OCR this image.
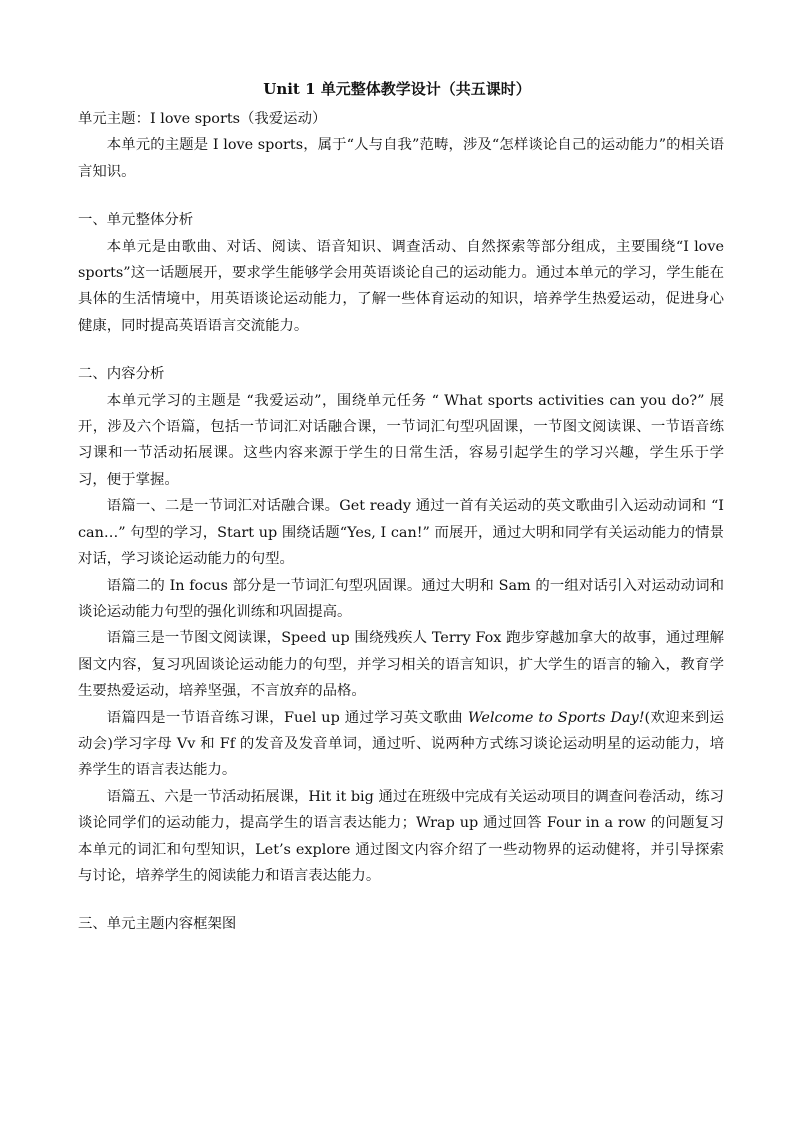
Unit 1 单元整体教学设计（共五课时）

单元主题：I love sports（我爱运动）

本单元的主题是 I love sports，属于“人与自我”范畴，涉及“怎样谈论自己的运动能力”的相关语言知识。

一、单元整体分析

本单元是由歌曲、对话、阅读、语音知识、调查活动、自然探索等部分组成，主要围绕“I love sports”这一话题展开，要求学生能够学会用英语谈论自己的运动能力。通过本单元的学习，学生能在具体的生活情境中，用英语谈论运动能力，了解一些体育运动的知识，培养学生热爱运动，促进身心健康，同时提高英语语言交流能力。

二、内容分析

本单元学习的主题是 “我爱运动”，围绕单元任务 “ What sports activities can you do?” 展开，涉及六个语篇，包括一节词汇对话融合课，一节词汇句型巩固课，一节图文阅读课、一节语音练习课和一节活动拓展课。这些内容来源于学生的日常生活，容易引起学生的学习兴趣，学生乐于学习，便于掌握。

语篇一、二是一节词汇对话融合课。Get ready 通过一首有关运动的英文歌曲引入运动动词和 “I can…” 句型的学习，Start up 围绕话题“Yes, I can!” 而展开，通过大明和同学有关运动能力的情景对话，学习谈论运动能力的句型。

语篇二的 In focus 部分是一节词汇句型巩固课。通过大明和 Sam 的一组对话引入对运动动词和谈论运动能力句型的强化训练和巩固提高。

语篇三是一节图文阅读课，Speed up 围绕残疾人 Terry Fox 跑步穿越加拿大的故事，通过理解图文内容，复习巩固谈论运动能力的句型，并学习相关的语言知识，扩大学生的语言的输入，教育学生要热爱运动，培养坚强，不言放弃的品格。

语篇四是一节语音练习课，Fuel up 通过学习英文歌曲 Welcome to Sports Day!(欢迎来到运动会)学习字母 Vv 和 Ff 的发音及发音单词，通过听、说两种方式练习谈论运动明星的运动能力，培养学生的语言表达能力。

语篇五、六是一节活动拓展课，Hit it big 通过在班级中完成有关运动项目的调查问卷活动，练习谈论同学们的运动能力，提高学生的语言表达能力；Wrap up 通过回答 Four in a row 的问题复习本单元的词汇和句型知识，Let’s explore 通过图文内容介绍了一些动物界的运动健将，并引导探索与讨论，培养学生的阅读能力和语言表达能力。

三、单元主题内容框架图
